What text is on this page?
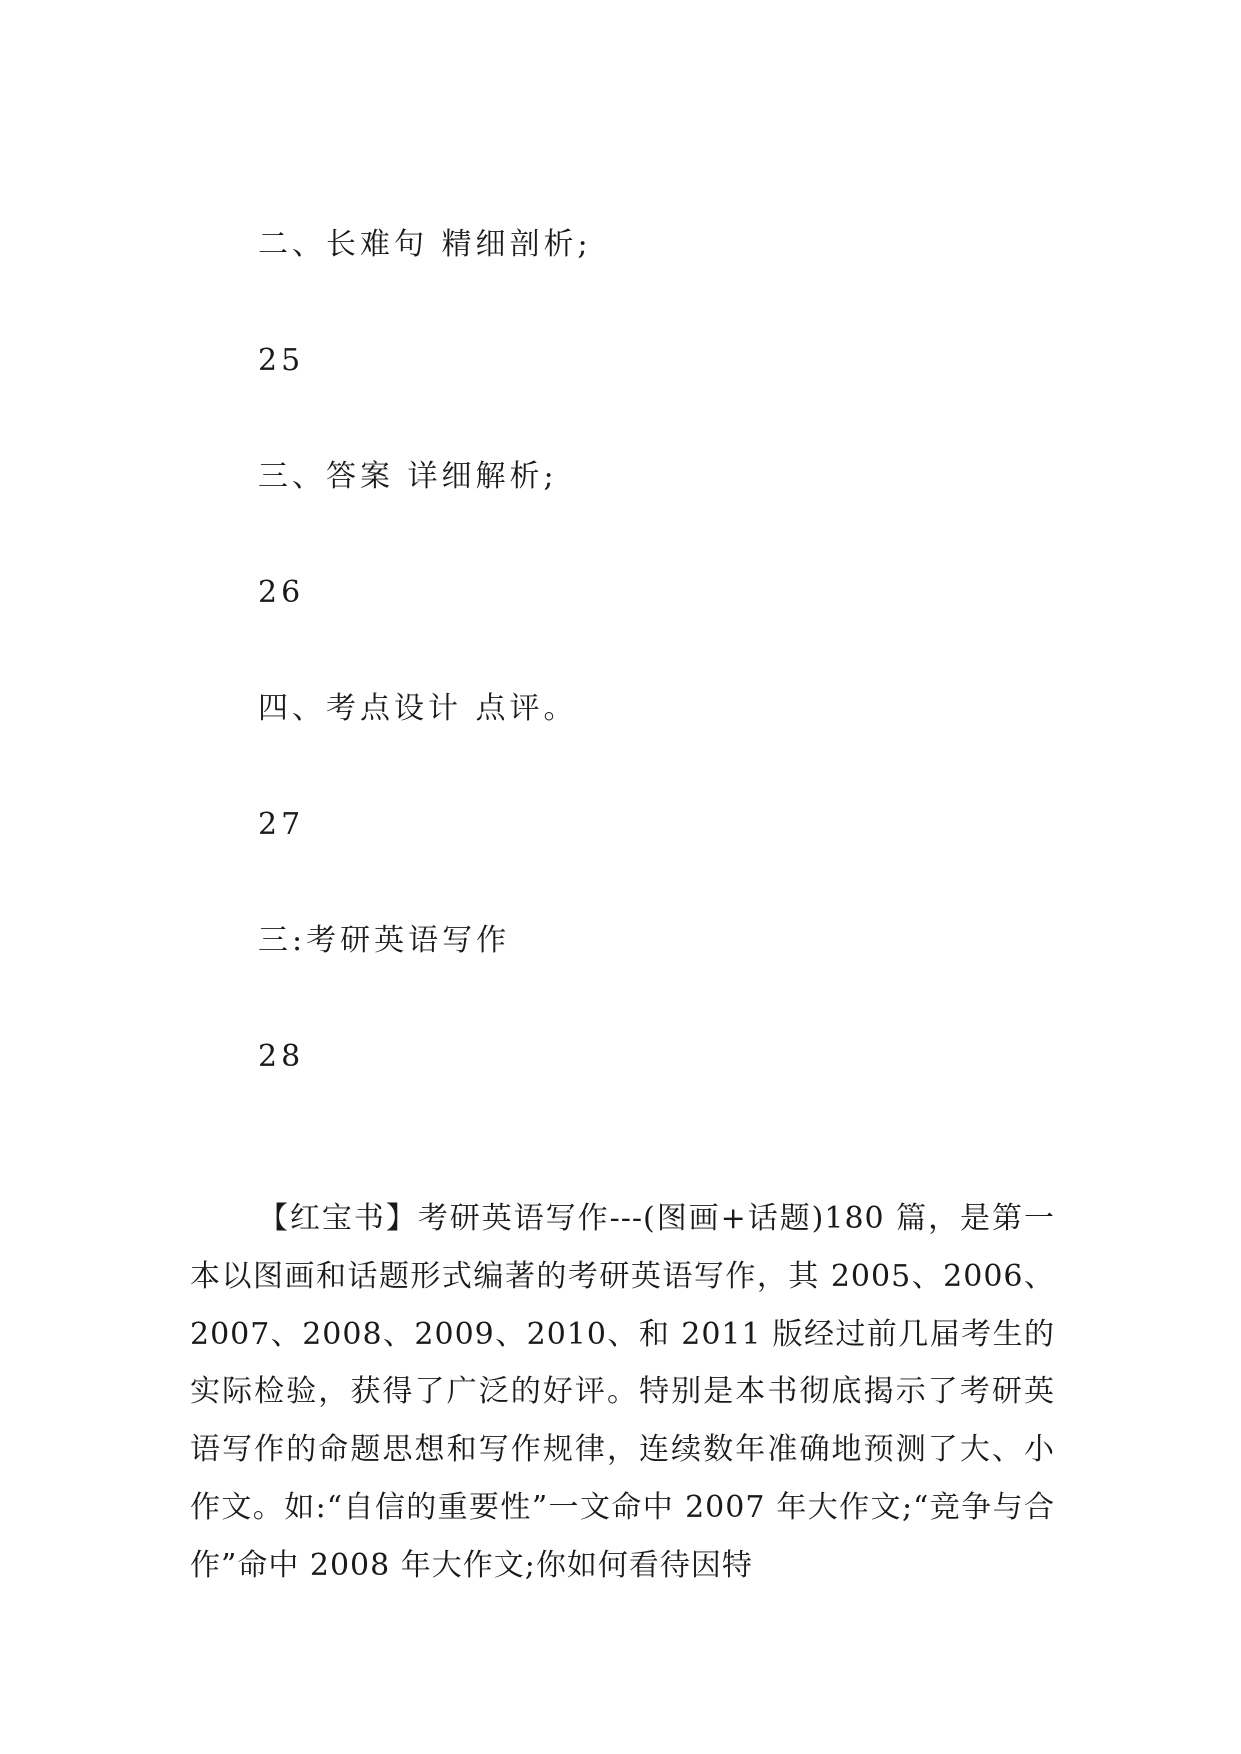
二、长难句 精细剖析;
25
三、答案 详细解析;
26
四、考点设计 点评。
27
三:考研英语写作
28

【红宝书】考研英语写作---(图画+话题)180 篇，是第一本以图画和话题形式编著的考研英语写作，其 2005、2006、2007、2008、2009、2010、和 2011 版经过前几届考生的实际检验，获得了广泛的好评。特别是本书彻底揭示了考研英语写作的命题思想和写作规律，连续数年准确地预测了大、小作文。如:“自信的重要性”一文命中 2007 年大作文;“竞争与合作”命中 2008 年大作文;你如何看待因特
